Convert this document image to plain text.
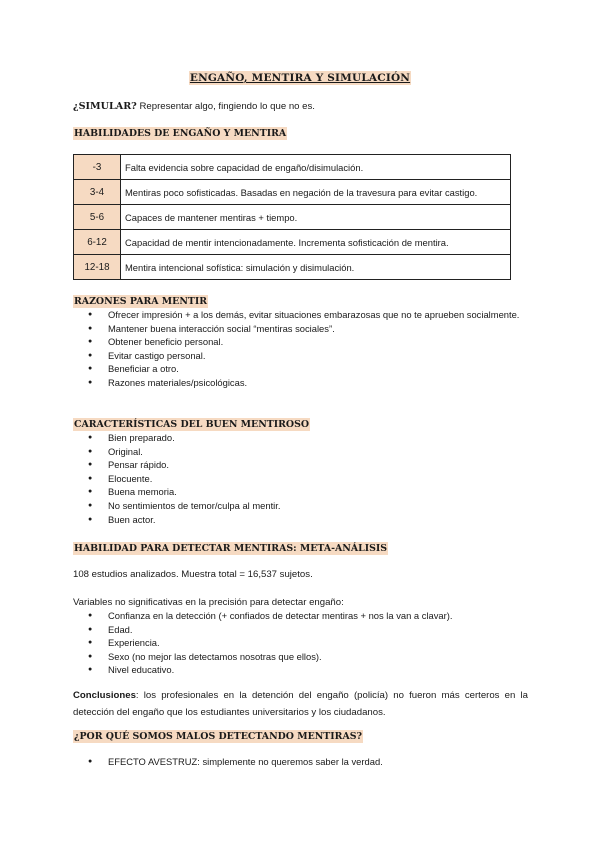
ENGAÑO, MENTIRA Y SIMULACIÓN
¿SIMULAR? Representar algo, fingiendo lo que no es.
HABILIDADES DE ENGAÑO Y MENTIRA
-3	Falta evidencia sobre capacidad de engaño/disimulación.
3-4	Mentiras poco sofisticadas. Basadas en negación de la travesura para evitar castigo.
5-6	Capaces de mantener mentiras + tiempo.
6-12	Capacidad de mentir intencionadamente. Incrementa sofisticación de mentira.
12-18	Mentira intencional sofística: simulación y disimulación.
RAZONES PARA MENTIR
● Ofrecer impresión + a los demás, evitar situaciones embarazosas que no te aprueben socialmente.
● Mantener buena interacción social “mentiras sociales”.
● Obtener beneficio personal.
● Evitar castigo personal.
● Beneficiar a otro.
● Razones materiales/psicológicas.
CARACTERÍSTICAS DEL BUEN MENTIROSO
● Bien preparado.
● Original.
● Pensar rápido.
● Elocuente.
● Buena memoria.
● No sentimientos de temor/culpa al mentir.
● Buen actor.
HABILIDAD PARA DETECTAR MENTIRAS: META-ANÁLISIS
108 estudios analizados. Muestra total = 16,537 sujetos.
Variables no significativas en la precisión para detectar engaño:
● Confianza en la detección (+ confiados de detectar mentiras + nos la van a clavar).
● Edad.
● Experiencia.
● Sexo (no mejor las detectamos nosotras que ellos).
● Nivel educativo.
Conclusiones: los profesionales en la detención del engaño (policía) no fueron más certeros en la detección del engaño que los estudiantes universitarios y los ciudadanos.
¿POR QUÉ SOMOS MALOS DETECTANDO MENTIRAS?
● EFECTO AVESTRUZ: simplemente no queremos saber la verdad.
